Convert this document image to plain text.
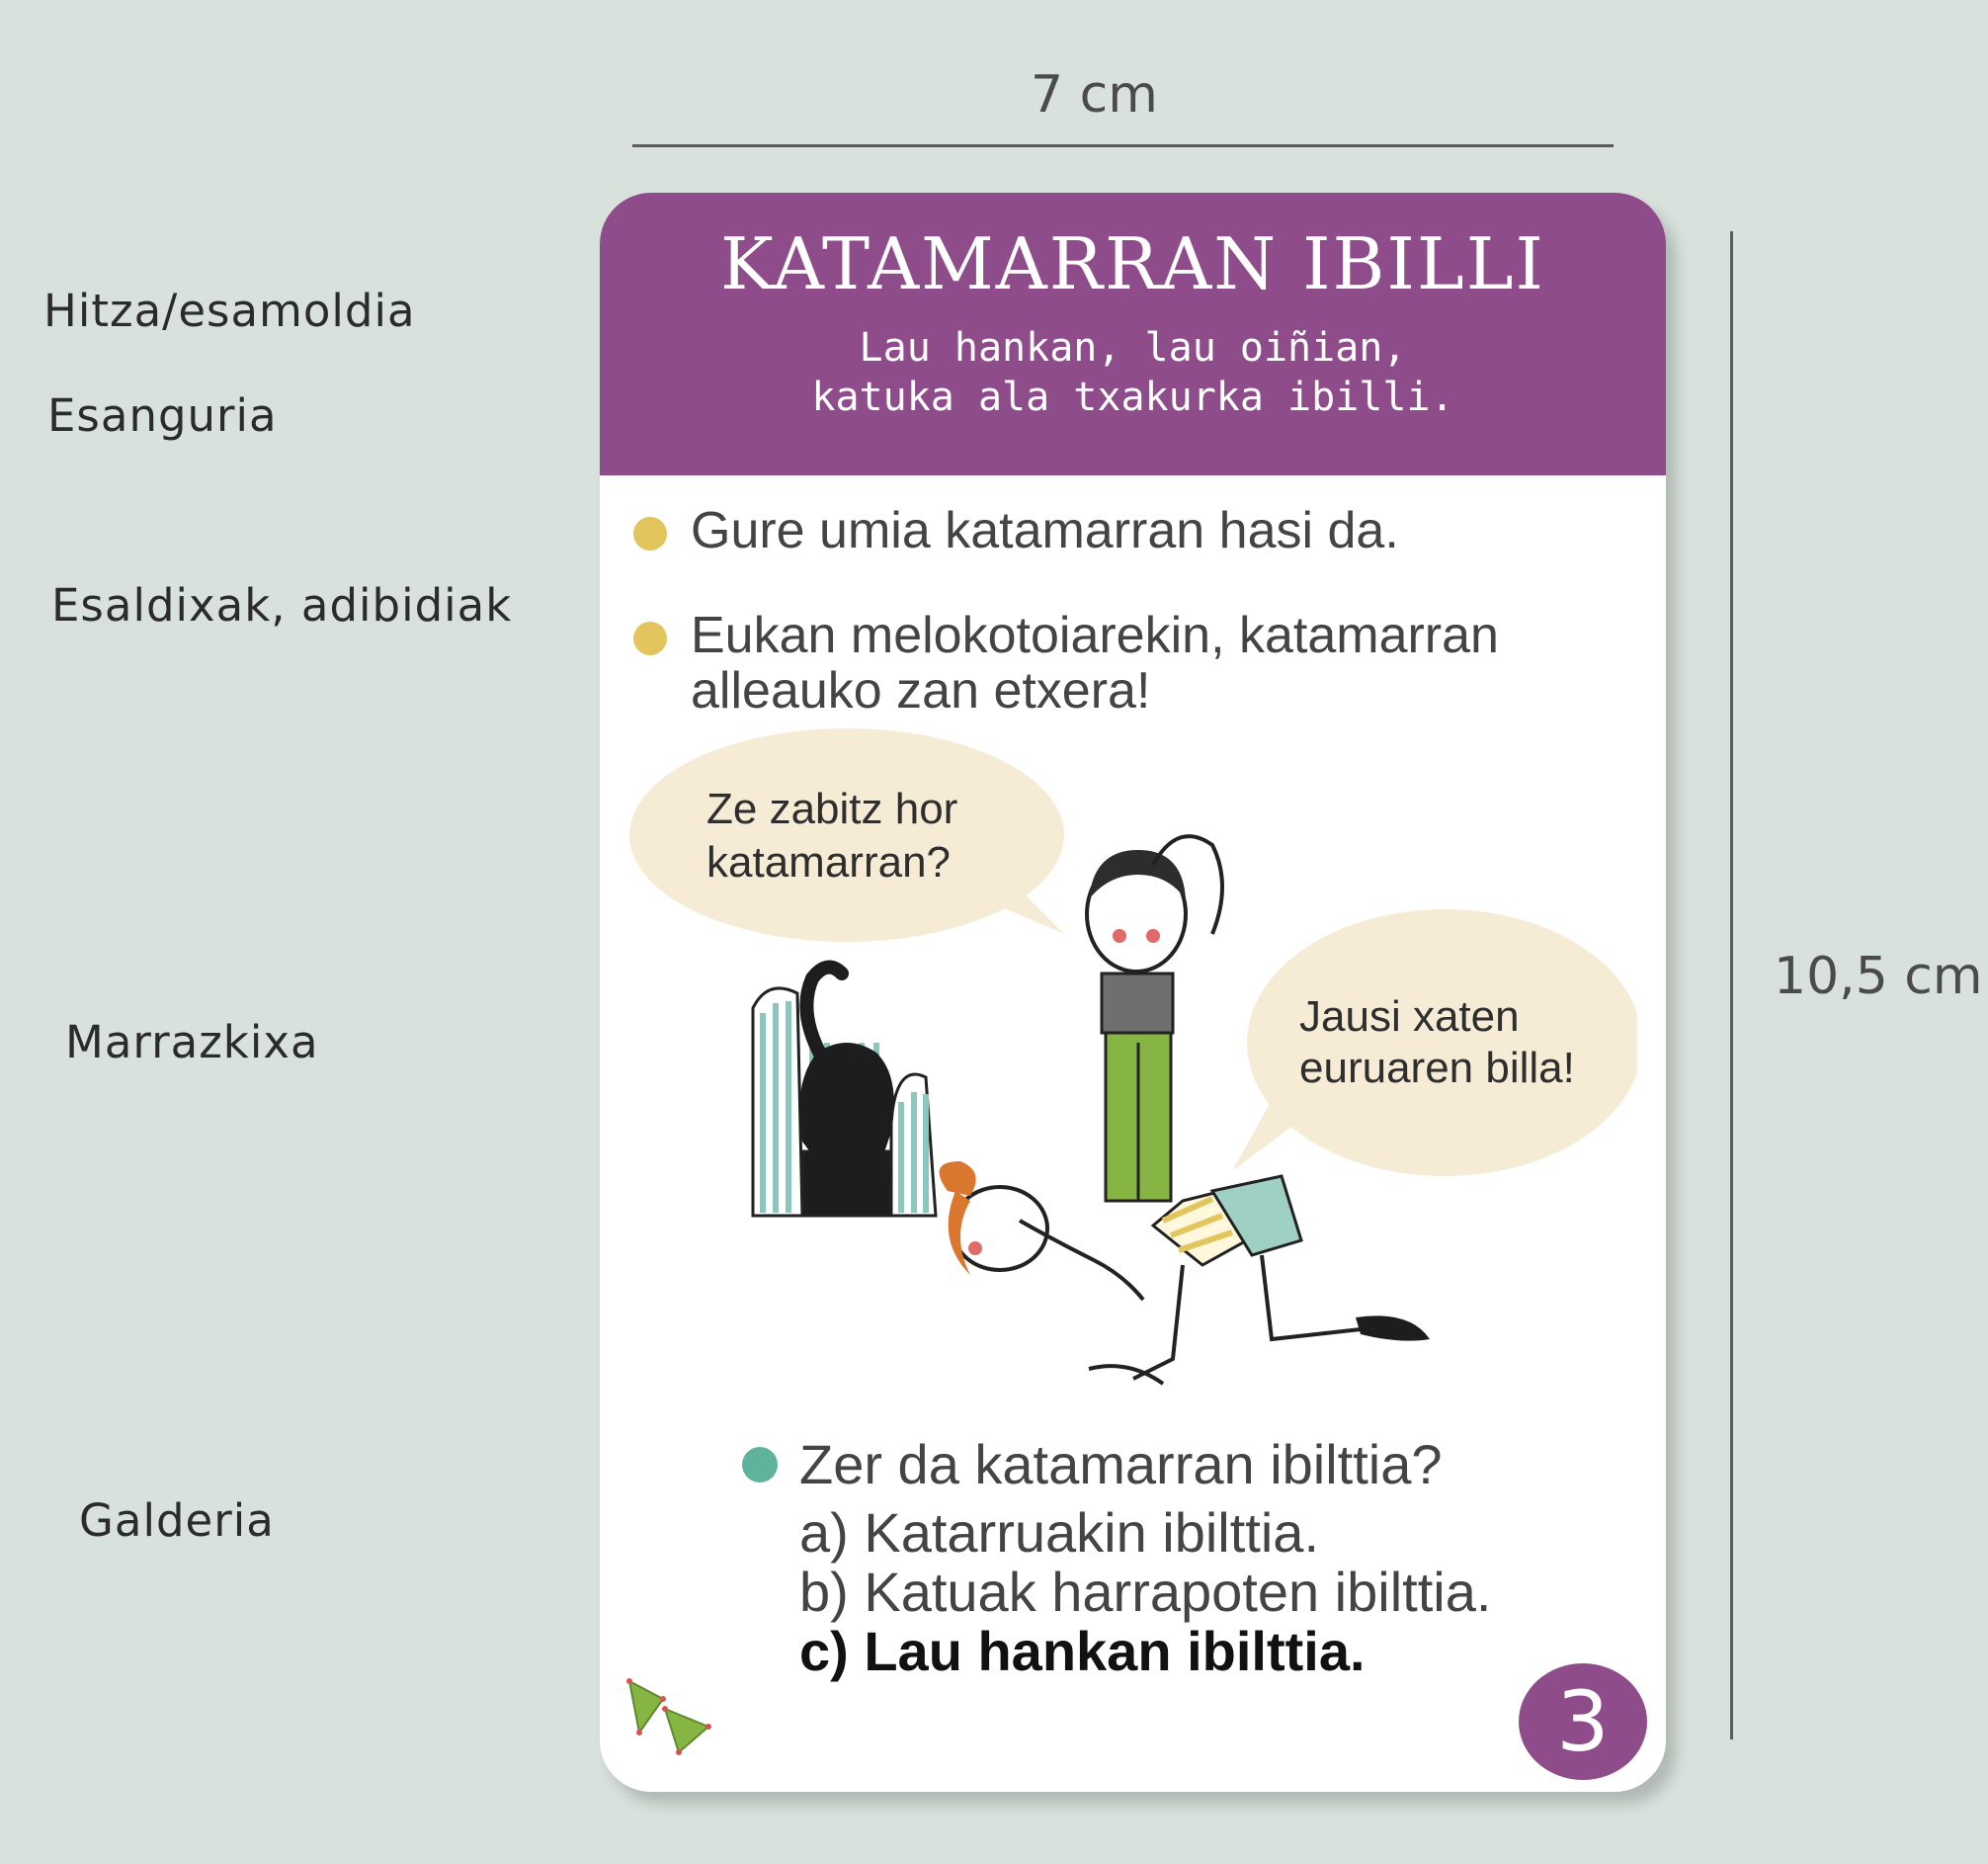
Hitza/esamoldia
Esanguria
Esaldixak, adibidiak
Marrazkixa
Galderia
7 cm
10,5 cm
KATAMARRAN IBILLI
Lau hankan, lau oiñian,
katuka ala txakurka ibilli.
Gure umia katamarran hasi da.
Eukan melokotoiarekin, katamarran alleauko zan etxera!
Ze zabitz hor
katamarran?
Jausi xaten
euruaren billa!
Zer da katamarran ibilttia?
a) Katarruakin ibilttia.
b) Katuak harrapoten ibilttia.
c) Lau hankan ibilttia.
3
